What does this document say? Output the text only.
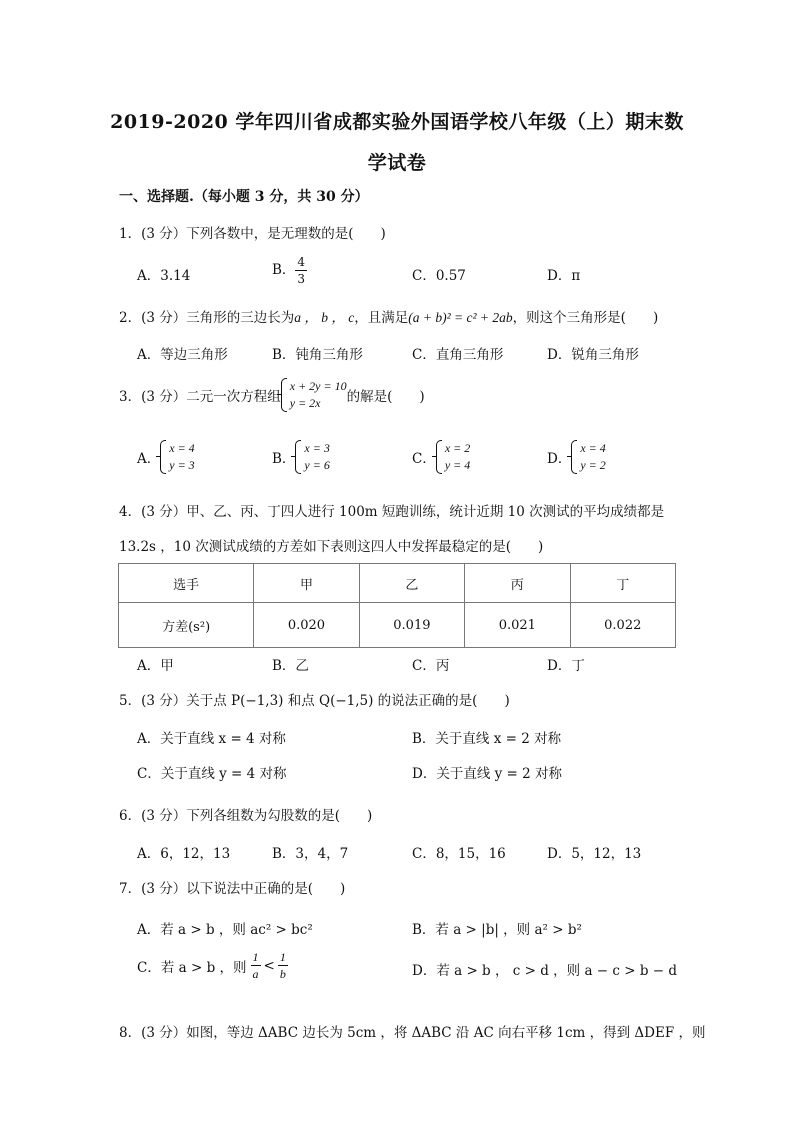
2019-2020 学年四川省成都实验外国语学校八年级（上）期末数
学试卷
一、选择题.（每小题 3 分，共 30 分）
1．(3 分）下列各数中，是无理数的是(　　)
A．3.14	B． $\frac{4}{3}$	C．0.57	D．π
2．(3 分）三角形的三边长为a ， b ， c，且满足(a + b)² = c² + 2ab，则这个三角形是(　　)
A．等边三角形	B．钝角三角形	C．直角三角形	D．锐角三角形
3．(3 分）二元一次方程组
x + 2y = 10
y = 2x	的解是(　　)
A．
x = 4
y = 3	B．
x = 3
y = 6	C．
x = 2
y = 4	D．
x = 4
y = 2
4．(3 分）甲、乙、丙、丁四人进行 100m 短跑训练，统计近期 10 次测试的平均成绩都是
13.2s ，10 次测试成绩的方差如下表则这四人中发挥最稳定的是(　　)
选手	甲	乙	丙	丁
方差(s²)	0.020	0.019	0.021	0.022
A．甲	B．乙	C．丙	D．丁
5．(3 分）关于点 P(−1,3) 和点 Q(−1,5) 的说法正确的是(　　)
A．关于直线 x = 4 对称	B．关于直线 x = 2 对称
C．关于直线 y = 4 对称	D．关于直线 y = 2 对称
6．(3 分）下列各组数为勾股数的是(　　)
A．6，12，13	B．3，4，7	C．8，15，16	D．5，12，13
7．(3 分）以下说法中正确的是(　　)
A．若 a > b ，则 ac² > bc²	B．若 a > |b| ，则 a² > b²
C．若 a > b ，则 $\frac{1}{a} < \frac{1}{b}$	D．若 a > b ， c > d ，则 a − c > b − d
8．(3 分）如图，等边 ΔABC 边长为 5cm ，将 ΔABC 沿 AC 向右平移 1cm ，得到 ΔDEF ，则
